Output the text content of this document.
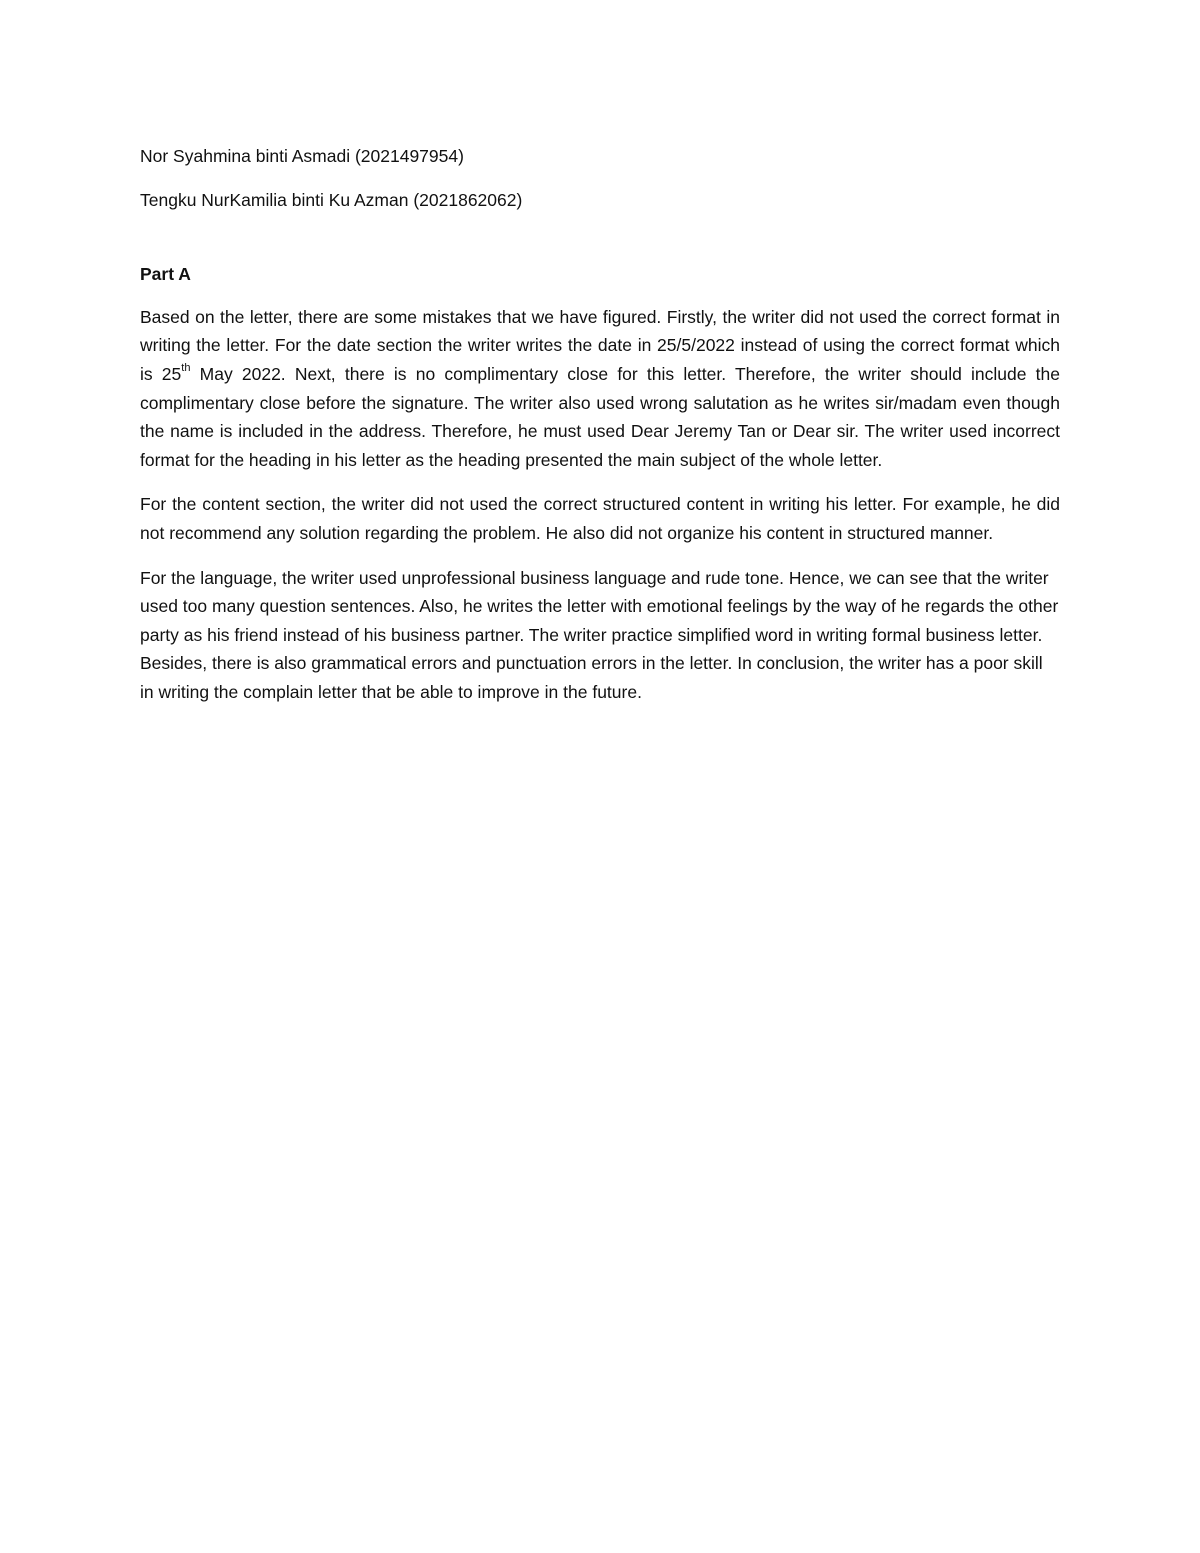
Nor Syahmina binti Asmadi (2021497954)

Tengku NurKamilia binti Ku Azman (2021862062)

Part A

Based on the letter, there are some mistakes that we have figured. Firstly, the writer did not used the correct format in writing the letter. For the date section the writer writes the date in 25/5/2022 instead of using the correct format which is 25th May 2022. Next, there is no complimentary close for this letter. Therefore, the writer should include the complimentary close before the signature. The writer also used wrong salutation as he writes sir/madam even though the name is included in the address. Therefore, he must used Dear Jeremy Tan or Dear sir. The writer used incorrect format for the heading in his letter as the heading presented the main subject of the whole letter.

For the content section, the writer did not used the correct structured content in writing his letter. For example, he did not recommend any solution regarding the problem. He also did not organize his content in structured manner.

For the language, the writer used unprofessional business language and rude tone. Hence, we can see that the writer used too many question sentences. Also, he writes the letter with emotional feelings by the way of he regards the other party as his friend instead of his business partner. The writer practice simplified word in writing formal business letter. Besides, there is also grammatical errors and punctuation errors in the letter. In conclusion, the writer has a poor skill in writing the complain letter that be able to improve in the future.
